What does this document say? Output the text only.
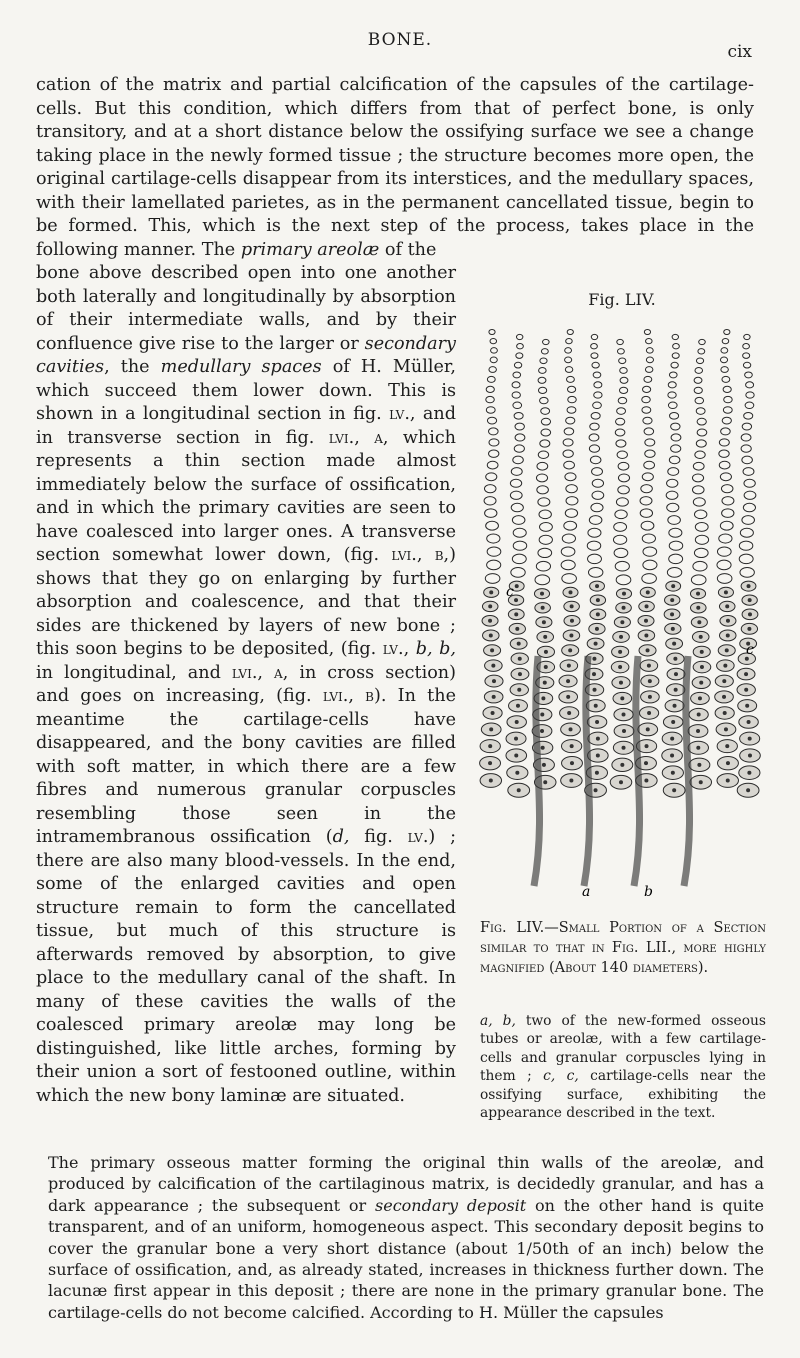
BONE.
cix

cation of the matrix and partial calcification of the capsules of the cartilage-cells. But this condition, which differs from that of perfect bone, is only transitory, and at a short distance below the ossifying surface we see a change taking place in the newly formed tissue ; the structure becomes more open, the original cartilage-cells disappear from its interstices, and the medullary spaces, with their lamellated parietes, as in the permanent cancellated tissue, begin to be formed. This, which is the next step of the process, takes place in the following manner. The primary areolæ of the

bone above described open into one another both laterally and longitudinally by absorption of their intermediate walls, and by their confluence give rise to the larger or secondary cavities, the medullary spaces of H. Müller, which succeed them lower down. This is shown in a longitudinal section in fig. lv., and in transverse section in fig. lvi., a, which represents a thin section made almost immediately below the surface of ossification, and in which the primary cavities are seen to have coalesced into larger ones. A transverse section somewhat lower down, (fig. lvi., b,) shows that they go on enlarging by further absorption and coalescence, and that their sides are thickened by layers of new bone ; this soon begins to be deposited, (fig. lv., b, b, in longitudinal, and lvi., a, in cross section) and goes on increasing, (fig. lvi., b). In the meantime the cartilage-cells have disappeared, and the bony cavities are filled with soft matter, in which there are a few fibres and numerous granular corpuscles resembling those seen in the intramembranous ossification (d, fig. lv.) ; there are also many blood-vessels. In the end, some of the enlarged cavities and open structure remain to form the cancellated tissue, but much of this structure is afterwards removed by absorption, to give place to the medullary canal of the shaft. In many of these cavities the walls of the coalesced primary areolæ may long be distinguished, like little arches, forming by their union a sort of festooned outline, within which the new bony laminæ are situated.

Fig. LIV.
c
c
a	b

Fig. LIV.—Small Portion of a Section similar to that in Fig. LII., more highly magnified (About 140 diameters).

a, b, two of the new-formed osseous tubes or areolæ, with a few cartilage-cells and granular corpuscles lying in them ; c, c, cartilage-cells near the ossifying surface, exhibiting the appearance described in the text.

The primary osseous matter forming the original thin walls of the areolæ, and produced by calcification of the cartilaginous matrix, is decidedly granular, and has a dark appearance ; the subsequent or secondary deposit on the other hand is quite transparent, and of an uniform, homogeneous aspect. This secondary deposit begins to cover the granular bone a very short distance (about 1/50th of an inch) below the surface of ossification, and, as already stated, increases in thickness further down. The lacunæ first appear in this deposit ; there are none in the primary granular bone. The cartilage-cells do not become calcified. According to H. Müller the capsules
